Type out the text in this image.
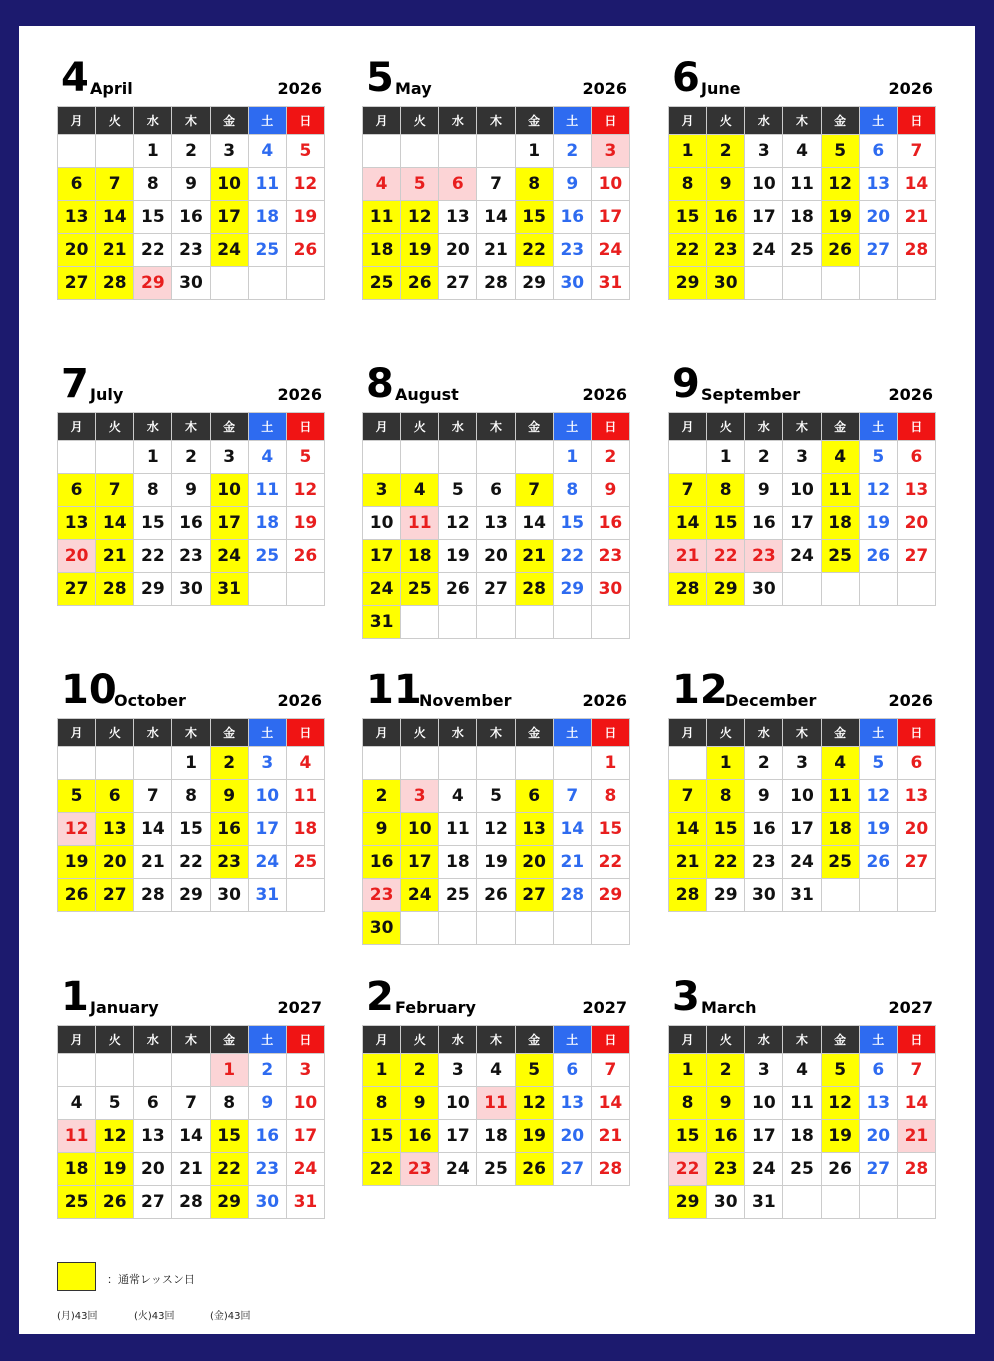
4 April	2026
月	火	水	木	金	土	日
		1	2	3	4	5
6	7	8	9	10	11	12
13	14	15	16	17	18	19
20	21	22	23	24	25	26
27	28	29	30			
5 May	2026
月	火	水	木	金	土	日
				1	2	3
4	5	6	7	8	9	10
11	12	13	14	15	16	17
18	19	20	21	22	23	24
25	26	27	28	29	30	31
6 June	2026
月	火	水	木	金	土	日
1	2	3	4	5	6	7
8	9	10	11	12	13	14
15	16	17	18	19	20	21
22	23	24	25	26	27	28
29	30					
7 July	2026
月	火	水	木	金	土	日
		1	2	3	4	5
6	7	8	9	10	11	12
13	14	15	16	17	18	19
20	21	22	23	24	25	26
27	28	29	30	31		
8 August	2026
月	火	水	木	金	土	日
					1	2
3	4	5	6	7	8	9
10	11	12	13	14	15	16
17	18	19	20	21	22	23
24	25	26	27	28	29	30
31						
9 September	2026
月	火	水	木	金	土	日
	1	2	3	4	5	6
7	8	9	10	11	12	13
14	15	16	17	18	19	20
21	22	23	24	25	26	27
28	29	30				
10
October	2026
月	火	水	木	金	土	日
			1	2	3	4
5	6	7	8	9	10	11
12	13	14	15	16	17	18
19	20	21	22	23	24	25
26	27	28	29	30	31	
11
November	2026
月	火	水	木	金	土	日
						1
2	3	4	5	6	7	8
9	10	11	12	13	14	15
16	17	18	19	20	21	22
23	24	25	26	27	28	29
30						
12
December	2026
月	火	水	木	金	土	日
	1	2	3	4	5	6
7	8	9	10	11	12	13
14	15	16	17	18	19	20
21	22	23	24	25	26	27
28	29	30	31			
1 January	2027
月	火	水	木	金	土	日
				1	2	3
4	5	6	7	8	9	10
11	12	13	14	15	16	17
18	19	20	21	22	23	24
25	26	27	28	29	30	31
2 February	2027
月	火	水	木	金	土	日
1	2	3	4	5	6	7
8	9	10	11	12	13	14
15	16	17	18	19	20	21
22	23	24	25	26	27	28
3 March	2027
月	火	水	木	金	土	日
1	2	3	4	5	6	7
8	9	10	11	12	13	14
15	16	17	18	19	20	21
22	23	24	25	26	27	28
29	30	31				
：通常レッスン日
(月)43回	(火)43回	(金)43回
